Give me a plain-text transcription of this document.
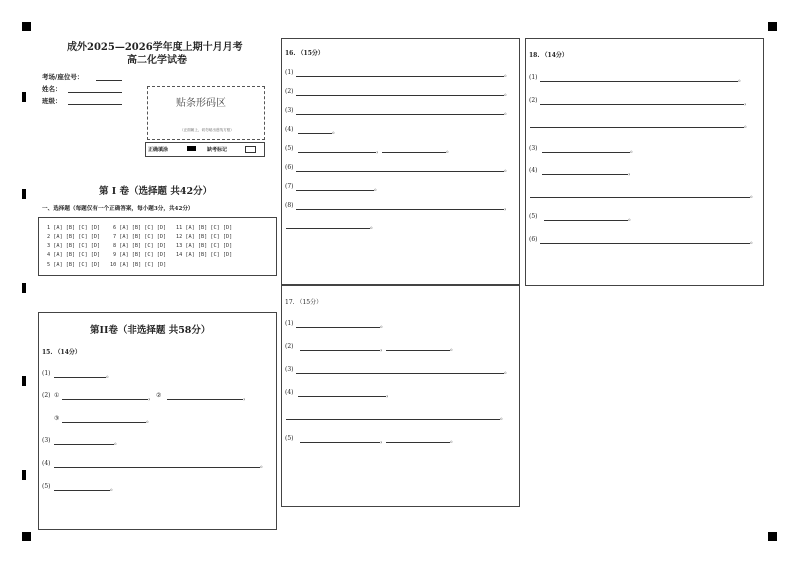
成外2025—2026学年度上期十月月考
高二化学试卷
考场/座位号：
姓名：
班级：	贴条形码区
（正面朝上，切勿贴出虚线方框）
正确填涂	缺考标记
第 I 卷（选择题 共42分）
一、选择题（每题仅有一个正确答案，每小题3分，共42分）
1 [A] [B] [C] [D]
2 [A] [B] [C] [D]
3 [A] [B] [C] [D]
4 [A] [B] [C] [D]
5 [A] [B] [C] [D]
6 [A] [B] [C] [D]
7 [A] [B] [C] [D]
8 [A] [B] [C] [D]
9 [A] [B] [C] [D]
10 [A] [B] [C] [D]
11 [A] [B] [C] [D]
12 [A] [B] [C] [D]
13 [A] [B] [C] [D]
14 [A] [B] [C] [D]
第II卷（非选择题 共58分）
15. （14分）
(1)	。
(2) ①	， ②	，
③	。
(3)	。
(4)	。
(5)	。
16. （15分）
(1)	。
(2)	。
(3)	。
(4)	。
(5)	，	。
(6)	。
(7)	。
(8)	，
。
17. （15分）
(1)	。
(2)	，	。
(3)	。
(4)	，
。
(5)	，	。
18. （14分）
(1)	。
(2)	，
。
(3)	。
(4)	，
。
(5)	。
(6)	。
